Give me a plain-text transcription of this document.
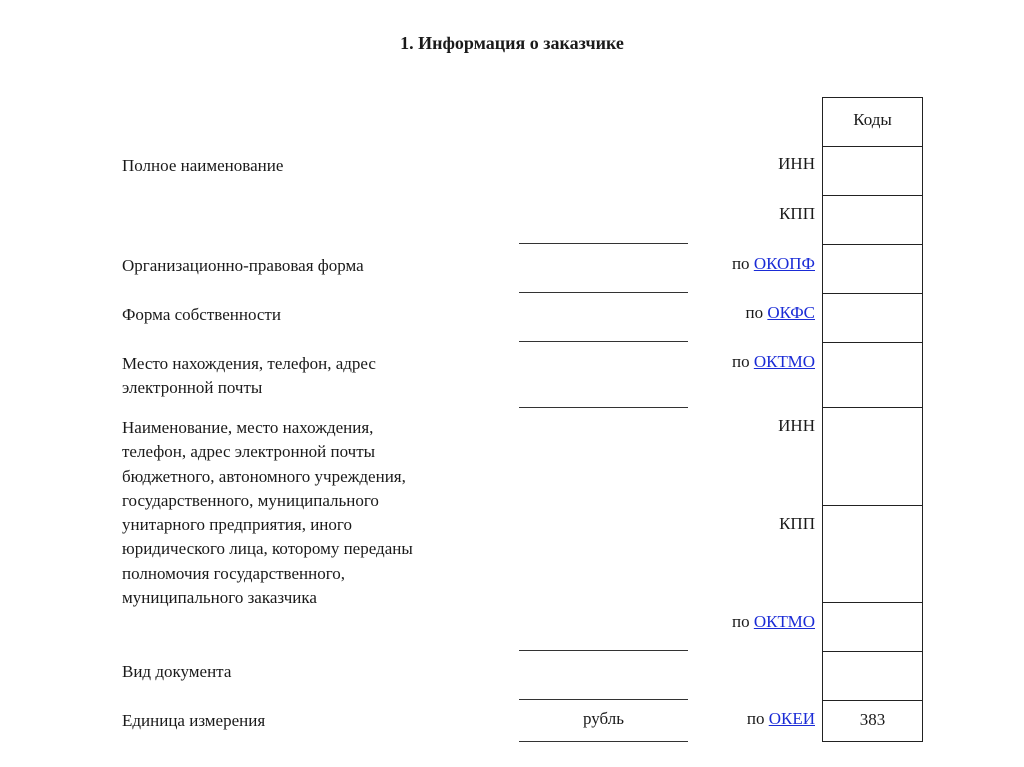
1. Информация о заказчике
Полное наименование
Организационно-правовая форма
Форма собственности
Место нахождения, телефон, адрес
электронной почты
Наименование, место нахождения,
телефон, адрес электронной почты
бюджетного, автономного учреждения,
государственного, муниципального
унитарного предприятия, иного
юридического лица, которому переданы
полномочия государственного,
муниципального заказчика
Вид документа
Единица измерения	рубль
ИНН
КПП
по ОКОПФ
по ОКФС
по ОКТМО
ИНН
КПП
по ОКТМО
по ОКЕИ
Коды
383
